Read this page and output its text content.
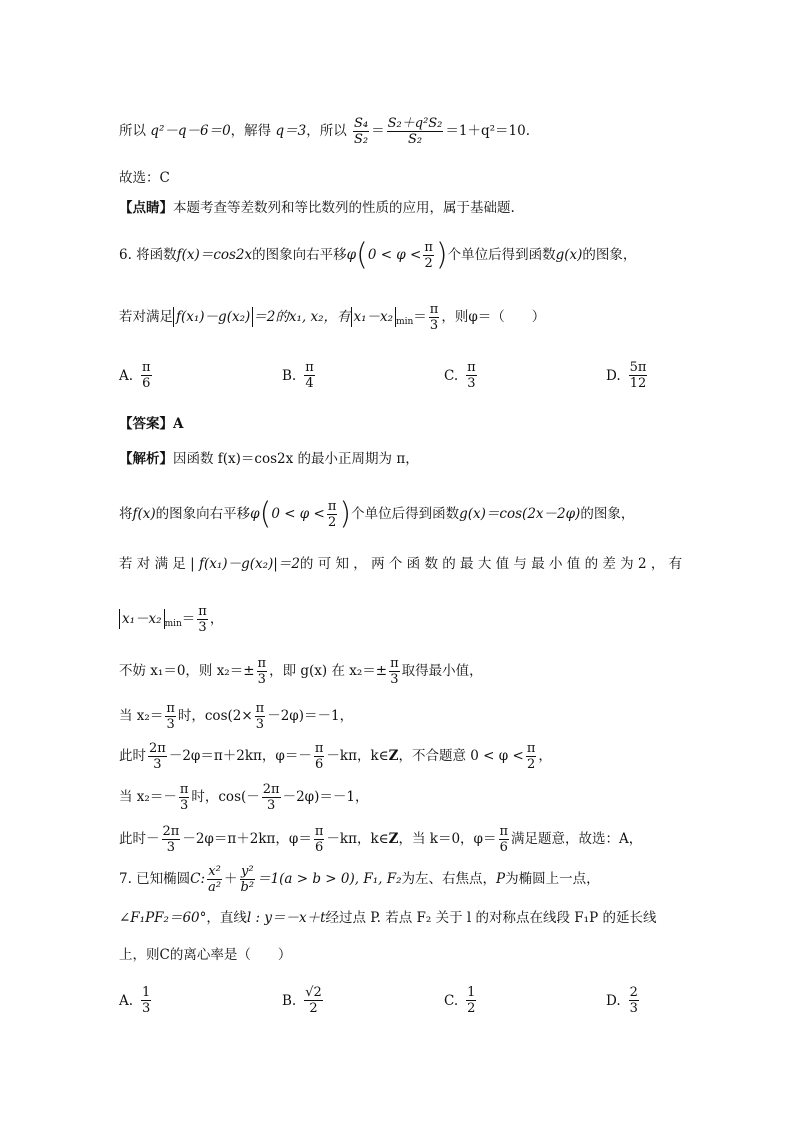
所以 q²－q－6＝0，解得 q＝3，所以 $\frac{\text{S₄}}{\text{S₂}} = \frac{\text{S₂＋q²S₂}}{\text{S₂}} =1+q^2=10$.
故选：C
【点睛】本题考查等差数列和等比数列的性质的应用，属于基础题.
6. 将函数f(x)＝cos2x的图象向右平移$\varphi(0 < \varphi < \frac{\pi}{2}$ )个单位后得到函数g(x)的图象，
若对满足 f(x₁)－g(x₂) ＝2的x₁, x₂，有 x₁－x₂ $_{min}= \frac{\pi}{3}$ ，则φ＝（　　）
A. $\frac{\pi}{6}$	B. $\frac{\pi}{4}$	C. $\frac{\pi}{3}$	D. $\frac{5\pi}{12}$
【答案】A
【解析】因函数 f(x)＝cos2x 的最小正周期为 π，
将f(x)的图象向右平移$\varphi(0 < \varphi < \frac{\pi}{2}$ )个单位后得到函数g(x)＝cos(2x－2φ)的图象，
若 对 满 足 | f(x₁)－g(x₂)|＝2的 可 知 ， 两 个 函 数 的 最 大 值 与 最 小 值 的 差 为 2 ， 有
x₁－x₂ $_{min}= \frac{\pi}{3}$ ，
不妨 x₁＝0，则 $x_2=\pm \frac{\pi}{3}$ ，即 g(x) 在 $x_2=\pm \frac{\pi}{3}$ 取得最小值，
当 $x_2= \frac{\pi}{3}$ 时，$\cos(2\times \frac{\pi}{3} -2\varphi)=-1$，
此时 $\frac{2\pi}{3} -2\varphi=\pi+2k\pi$，$\varphi=- \frac{\pi}{6} -k\pi$，k∈Z，不合题意 $0 < \varphi < \frac{\pi}{2}$ ，
当 $x_2=- \frac{\pi}{3}$ 时，$\cos(- \frac{2\pi}{3} -2\varphi)=-1$，
此时－ $\frac{2\pi}{3} -2\varphi=\pi+2k\pi$，$\varphi= \frac{\pi}{6} -k\pi$，k∈Z，当 k＝0，$\varphi= \frac{\pi}{6}$ 满足题意，故选：A，
7. 已知椭圆C: $\frac{\text{x²}}{\text{a²}} + \frac{\text{y²}}{\text{b²}} =1(a > b > 0)$, F₁, F₂为左、右焦点，P为椭圆上一点，
∠F₁PF₂＝60°，直线l : y＝－x＋t经过点 P. 若点 F₂ 关于 l 的对称点在线段 F₁P 的延长线
上，则C的离心率是（　　）
A. $\frac{1}{3}$	B. $\frac{√2}{2}$	C. $\frac{1}{2}$	D. $\frac{2}{3}$
